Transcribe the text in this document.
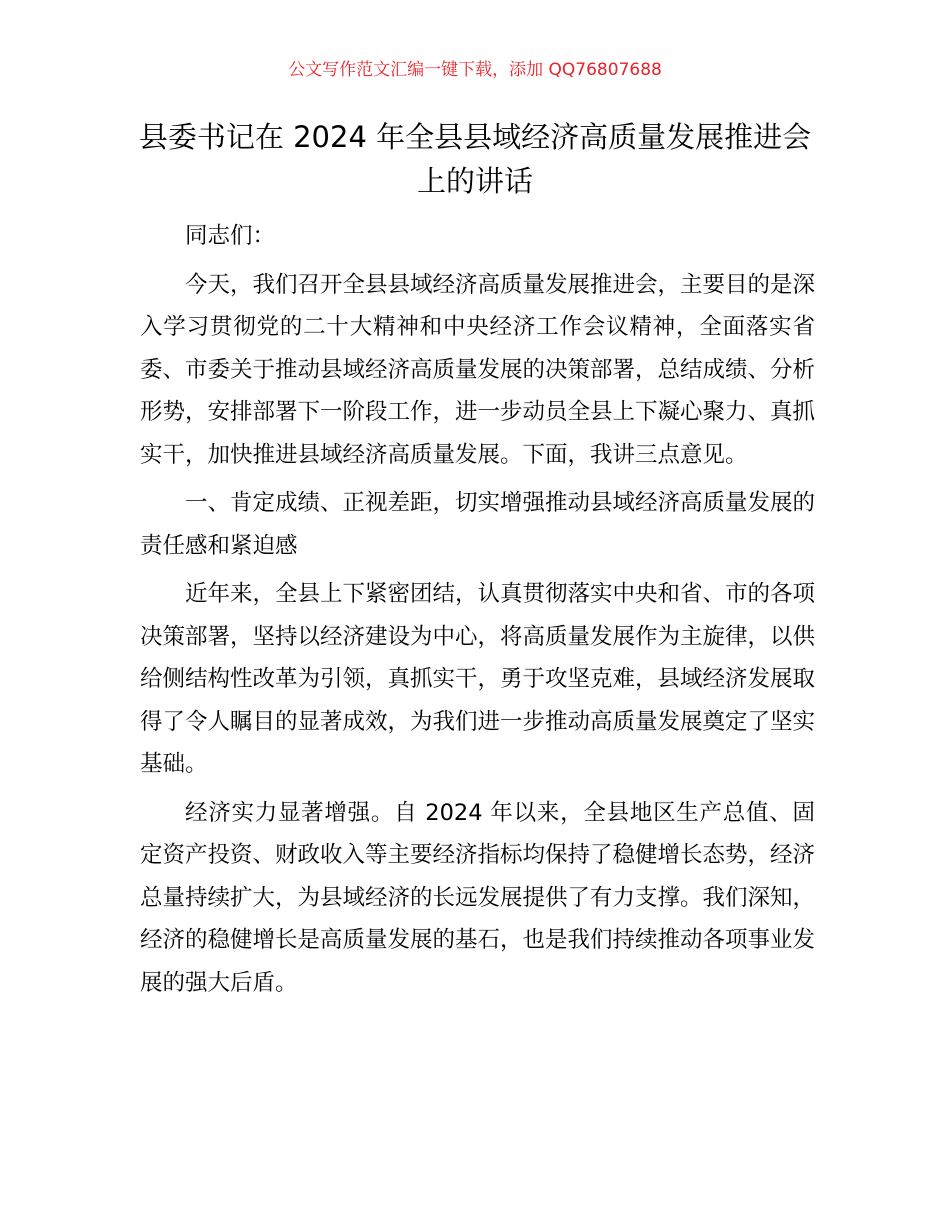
公文写作范文汇编一键下载，添加 QQ76807688
县委书记在 2024 年全县县域经济高质量发展推进会上的讲话

同志们：

今天，我们召开全县县域经济高质量发展推进会，主要目的是深入学习贯彻党的二十大精神和中央经济工作会议精神，全面落实省委、市委关于推动县域经济高质量发展的决策部署，总结成绩、分析形势，安排部署下一阶段工作，进一步动员全县上下凝心聚力、真抓实干，加快推进县域经济高质量发展。下面，我讲三点意见。

一、肯定成绩、正视差距，切实增强推动县域经济高质量发展的责任感和紧迫感

近年来，全县上下紧密团结，认真贯彻落实中央和省、市的各项决策部署，坚持以经济建设为中心，将高质量发展作为主旋律，以供给侧结构性改革为引领，真抓实干，勇于攻坚克难，县域经济发展取得了令人瞩目的显著成效，为我们进一步推动高质量发展奠定了坚实基础。

经济实力显著增强。自 2024 年以来，全县地区生产总值、固定资产投资、财政收入等主要经济指标均保持了稳健增长态势，经济总量持续扩大，为县域经济的长远发展提供了有力支撑。我们深知，经济的稳健增长是高质量发展的基石，也是我们持续推动各项事业发展的强大后盾。
